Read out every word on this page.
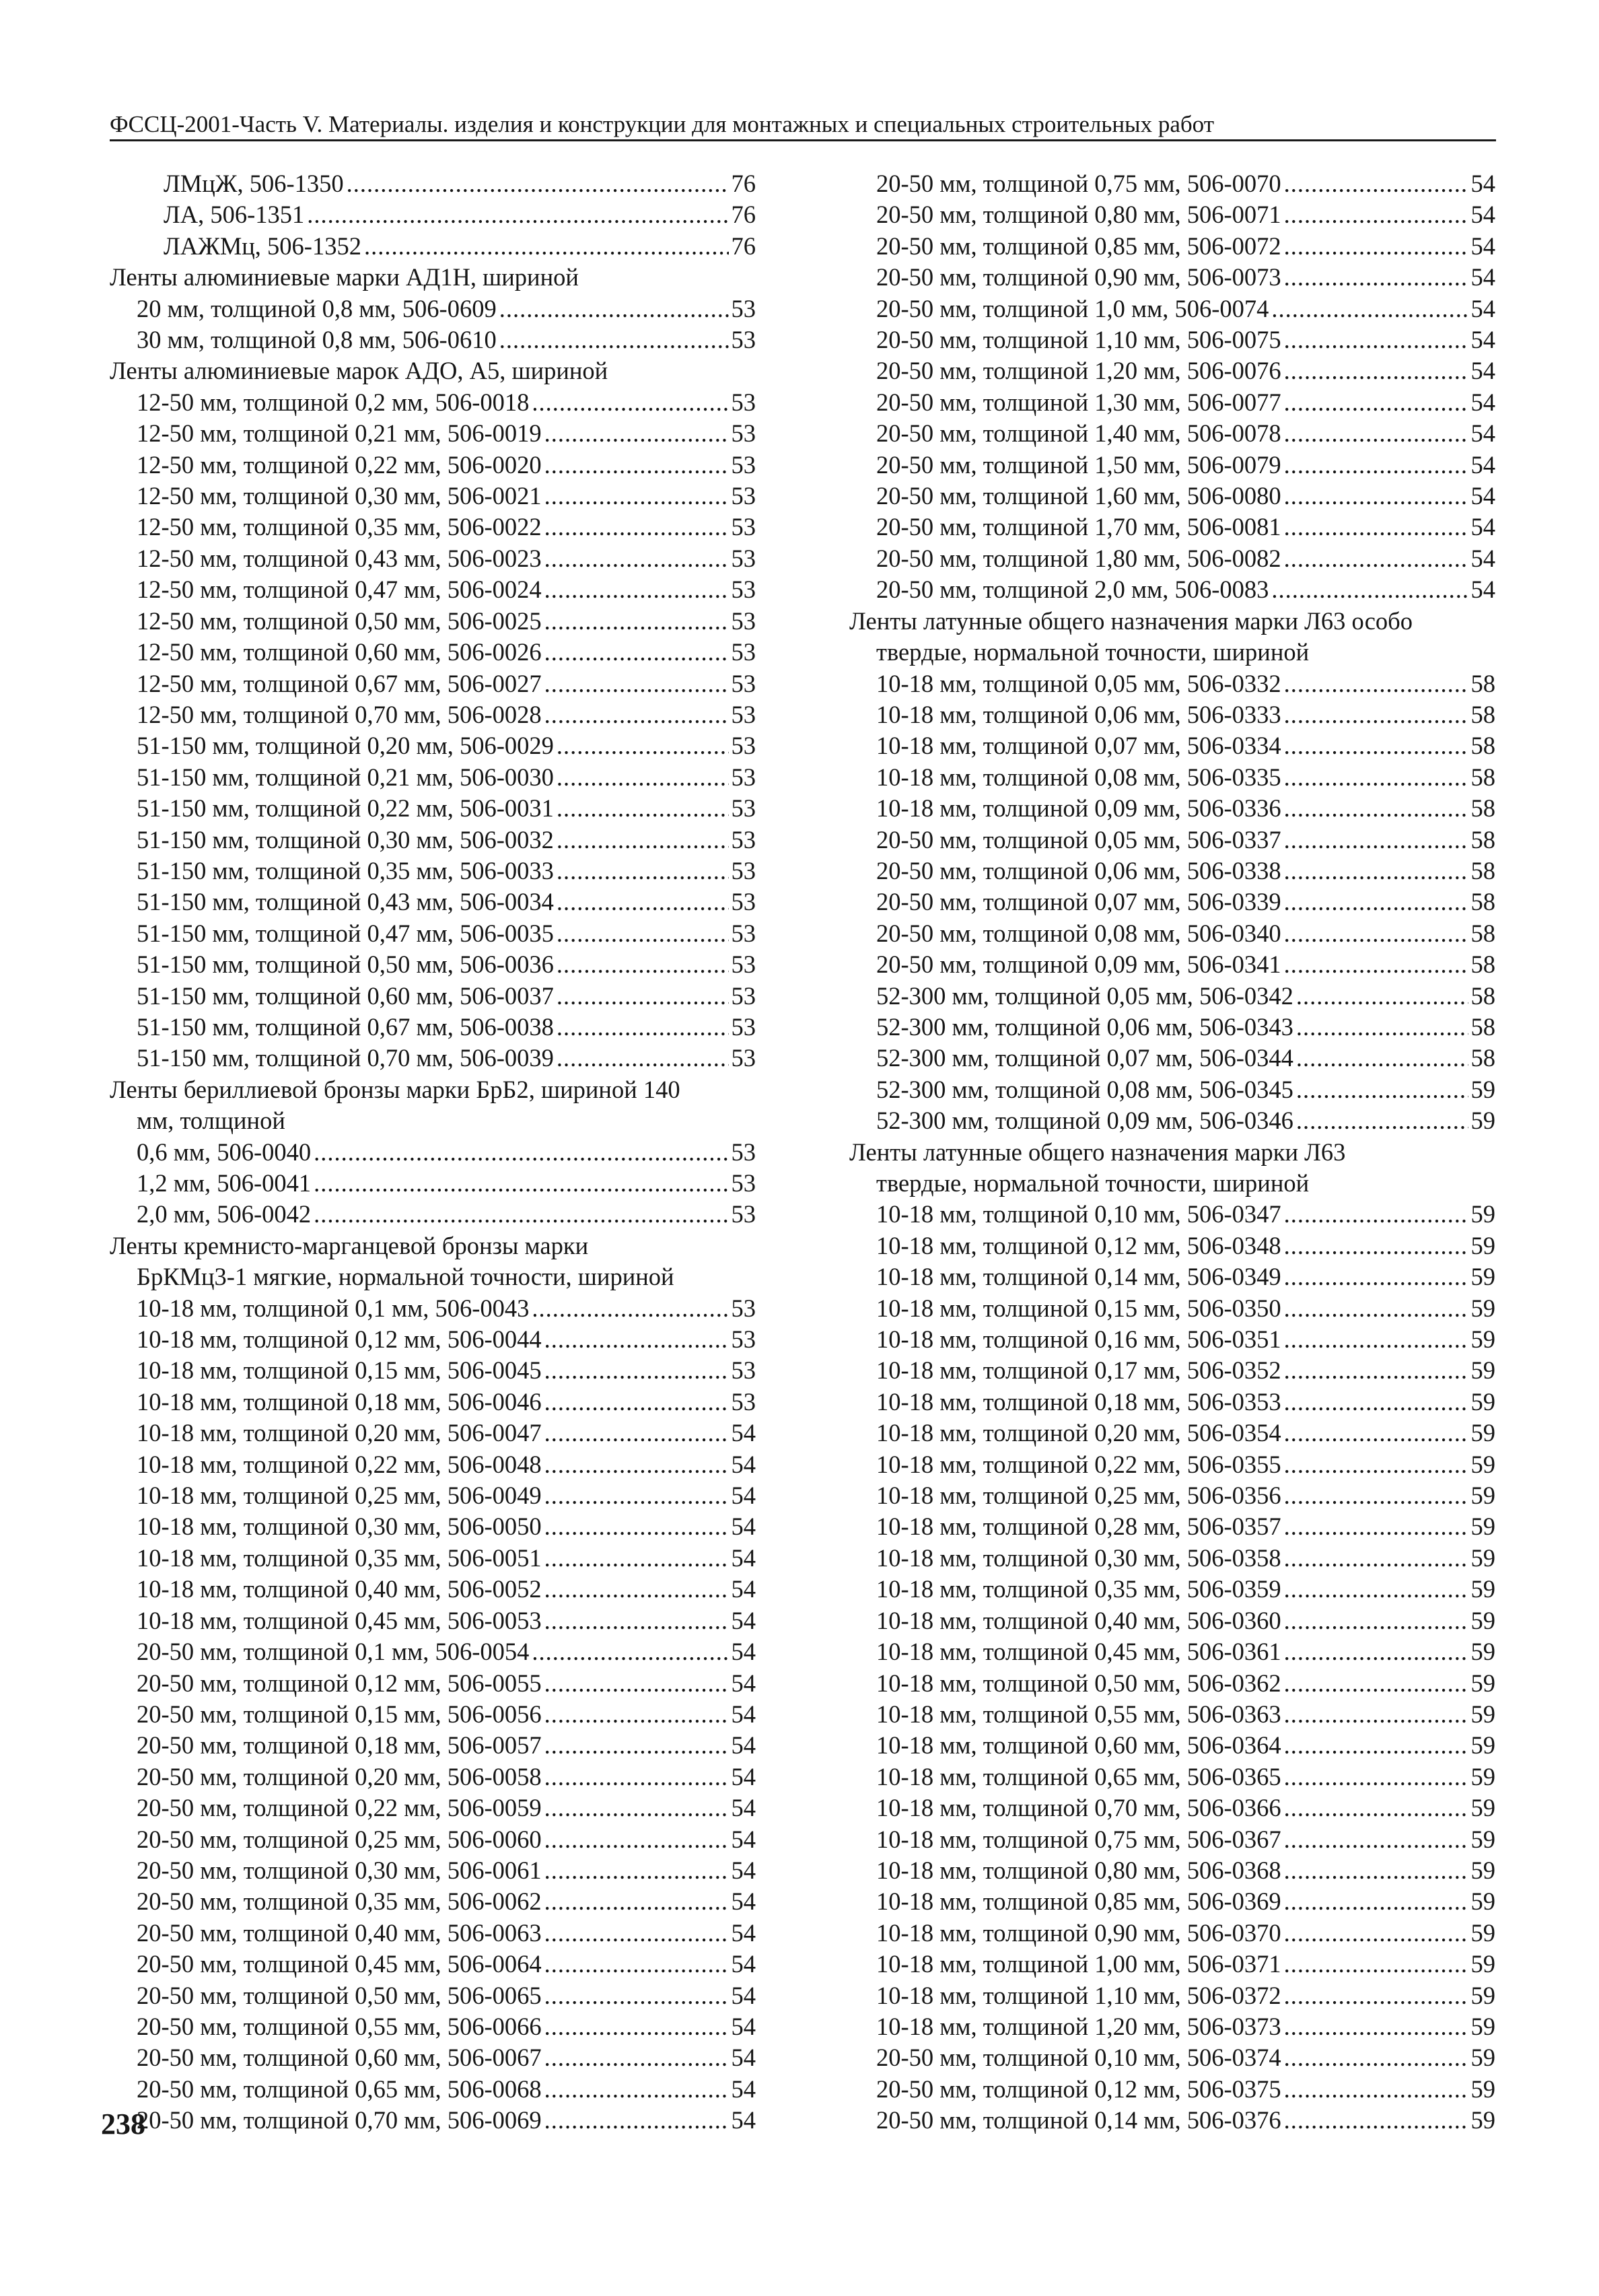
ФССЦ-2001-Часть V. Материалы. изделия и конструкции для монтажных и специальных строительных работ
ЛМцЖ, 506-1350 .....	76
ЛА, 506-1351 .....	76
ЛАЖМц, 506-1352 .....	76
Ленты алюминиевые марки АД1Н, шириной
20 мм, толщиной 0,8 мм, 506-0609 .....	53
30 мм, толщиной 0,8 мм, 506-0610 .....	53
Ленты алюминиевые марок АДО, А5, шириной
12-50 мм, толщиной 0,2 мм, 506-0018 .....	53
12-50 мм, толщиной 0,21 мм, 506-0019 .....	53
12-50 мм, толщиной 0,22 мм, 506-0020 .....	53
12-50 мм, толщиной 0,30 мм, 506-0021 .....	53
12-50 мм, толщиной 0,35 мм, 506-0022 .....	53
12-50 мм, толщиной 0,43 мм, 506-0023 .....	53
12-50 мм, толщиной 0,47 мм, 506-0024 .....	53
12-50 мм, толщиной 0,50 мм, 506-0025 .....	53
12-50 мм, толщиной 0,60 мм, 506-0026 .....	53
12-50 мм, толщиной 0,67 мм, 506-0027 .....	53
12-50 мм, толщиной 0,70 мм, 506-0028 .....	53
51-150 мм, толщиной 0,20 мм, 506-0029 .....	53
51-150 мм, толщиной 0,21 мм, 506-0030 .....	53
51-150 мм, толщиной 0,22 мм, 506-0031 .....	53
51-150 мм, толщиной 0,30 мм, 506-0032 .....	53
51-150 мм, толщиной 0,35 мм, 506-0033 .....	53
51-150 мм, толщиной 0,43 мм, 506-0034 .....	53
51-150 мм, толщиной 0,47 мм, 506-0035 .....	53
51-150 мм, толщиной 0,50 мм, 506-0036 .....	53
51-150 мм, толщиной 0,60 мм, 506-0037 .....	53
51-150 мм, толщиной 0,67 мм, 506-0038 .....	53
51-150 мм, толщиной 0,70 мм, 506-0039 .....	53
Ленты бериллиевой бронзы марки БрБ2, шириной 140
мм, толщиной
0,6 мм, 506-0040 .....	53
1,2 мм, 506-0041 .....	53
2,0 мм, 506-0042 .....	53
Ленты кремнисто-марганцевой бронзы марки
БрКМц3-1 мягкие, нормальной точности, шириной
10-18 мм, толщиной 0,1 мм, 506-0043 .....	53
10-18 мм, толщиной 0,12 мм, 506-0044 .....	53
10-18 мм, толщиной 0,15 мм, 506-0045 .....	53
10-18 мм, толщиной 0,18 мм, 506-0046 .....	53
10-18 мм, толщиной 0,20 мм, 506-0047 .....	54
10-18 мм, толщиной 0,22 мм, 506-0048 .....	54
10-18 мм, толщиной 0,25 мм, 506-0049 .....	54
10-18 мм, толщиной 0,30 мм, 506-0050 .....	54
10-18 мм, толщиной 0,35 мм, 506-0051 .....	54
10-18 мм, толщиной 0,40 мм, 506-0052 .....	54
10-18 мм, толщиной 0,45 мм, 506-0053 .....	54
20-50 мм, толщиной 0,1 мм, 506-0054 .....	54
20-50 мм, толщиной 0,12 мм, 506-0055 .....	54
20-50 мм, толщиной 0,15 мм, 506-0056 .....	54
20-50 мм, толщиной 0,18 мм, 506-0057 .....	54
20-50 мм, толщиной 0,20 мм, 506-0058 .....	54
20-50 мм, толщиной 0,22 мм, 506-0059 .....	54
20-50 мм, толщиной 0,25 мм, 506-0060 .....	54
20-50 мм, толщиной 0,30 мм, 506-0061 .....	54
20-50 мм, толщиной 0,35 мм, 506-0062 .....	54
20-50 мм, толщиной 0,40 мм, 506-0063 .....	54
20-50 мм, толщиной 0,45 мм, 506-0064 .....	54
20-50 мм, толщиной 0,50 мм, 506-0065 .....	54
20-50 мм, толщиной 0,55 мм, 506-0066 .....	54
20-50 мм, толщиной 0,60 мм, 506-0067 .....	54
20-50 мм, толщиной 0,65 мм, 506-0068 .....	54
20-50 мм, толщиной 0,70 мм, 506-0069 .....	54
20-50 мм, толщиной 0,75 мм, 506-0070 .....	54
20-50 мм, толщиной 0,80 мм, 506-0071 .....	54
20-50 мм, толщиной 0,85 мм, 506-0072 .....	54
20-50 мм, толщиной 0,90 мм, 506-0073 .....	54
20-50 мм, толщиной 1,0 мм, 506-0074 .....	54
20-50 мм, толщиной 1,10 мм, 506-0075 .....	54
20-50 мм, толщиной 1,20 мм, 506-0076 .....	54
20-50 мм, толщиной 1,30 мм, 506-0077 .....	54
20-50 мм, толщиной 1,40 мм, 506-0078 .....	54
20-50 мм, толщиной 1,50 мм, 506-0079 .....	54
20-50 мм, толщиной 1,60 мм, 506-0080 .....	54
20-50 мм, толщиной 1,70 мм, 506-0081 .....	54
20-50 мм, толщиной 1,80 мм, 506-0082 .....	54
20-50 мм, толщиной 2,0 мм, 506-0083 .....	54
Ленты латунные общего назначения марки Л63 особо
твердые, нормальной точности, шириной
10-18 мм, толщиной 0,05 мм, 506-0332 .....	58
10-18 мм, толщиной 0,06 мм, 506-0333 .....	58
10-18 мм, толщиной 0,07 мм, 506-0334 .....	58
10-18 мм, толщиной 0,08 мм, 506-0335 .....	58
10-18 мм, толщиной 0,09 мм, 506-0336 .....	58
20-50 мм, толщиной 0,05 мм, 506-0337 .....	58
20-50 мм, толщиной 0,06 мм, 506-0338 .....	58
20-50 мм, толщиной 0,07 мм, 506-0339 .....	58
20-50 мм, толщиной 0,08 мм, 506-0340 .....	58
20-50 мм, толщиной 0,09 мм, 506-0341 .....	58
52-300 мм, толщиной 0,05 мм, 506-0342 .....	58
52-300 мм, толщиной 0,06 мм, 506-0343 .....	58
52-300 мм, толщиной 0,07 мм, 506-0344 .....	58
52-300 мм, толщиной 0,08 мм, 506-0345 .....	59
52-300 мм, толщиной 0,09 мм, 506-0346 .....	59
Ленты латунные общего назначения марки Л63
твердые, нормальной точности, шириной
10-18 мм, толщиной 0,10 мм, 506-0347 .....	59
10-18 мм, толщиной 0,12 мм, 506-0348 .....	59
10-18 мм, толщиной 0,14 мм, 506-0349 .....	59
10-18 мм, толщиной 0,15 мм, 506-0350 .....	59
10-18 мм, толщиной 0,16 мм, 506-0351 .....	59
10-18 мм, толщиной 0,17 мм, 506-0352 .....	59
10-18 мм, толщиной 0,18 мм, 506-0353 .....	59
10-18 мм, толщиной 0,20 мм, 506-0354 .....	59
10-18 мм, толщиной 0,22 мм, 506-0355 .....	59
10-18 мм, толщиной 0,25 мм, 506-0356 .....	59
10-18 мм, толщиной 0,28 мм, 506-0357 .....	59
10-18 мм, толщиной 0,30 мм, 506-0358 .....	59
10-18 мм, толщиной 0,35 мм, 506-0359 .....	59
10-18 мм, толщиной 0,40 мм, 506-0360 .....	59
10-18 мм, толщиной 0,45 мм, 506-0361 .....	59
10-18 мм, толщиной 0,50 мм, 506-0362 .....	59
10-18 мм, толщиной 0,55 мм, 506-0363 .....	59
10-18 мм, толщиной 0,60 мм, 506-0364 .....	59
10-18 мм, толщиной 0,65 мм, 506-0365 .....	59
10-18 мм, толщиной 0,70 мм, 506-0366 .....	59
10-18 мм, толщиной 0,75 мм, 506-0367 .....	59
10-18 мм, толщиной 0,80 мм, 506-0368 .....	59
10-18 мм, толщиной 0,85 мм, 506-0369 .....	59
10-18 мм, толщиной 0,90 мм, 506-0370 .....	59
10-18 мм, толщиной 1,00 мм, 506-0371 .....	59
10-18 мм, толщиной 1,10 мм, 506-0372 .....	59
10-18 мм, толщиной 1,20 мм, 506-0373 .....	59
20-50 мм, толщиной 0,10 мм, 506-0374 .....	59
20-50 мм, толщиной 0,12 мм, 506-0375 .....	59
20-50 мм, толщиной 0,14 мм, 506-0376 .....	59
238
